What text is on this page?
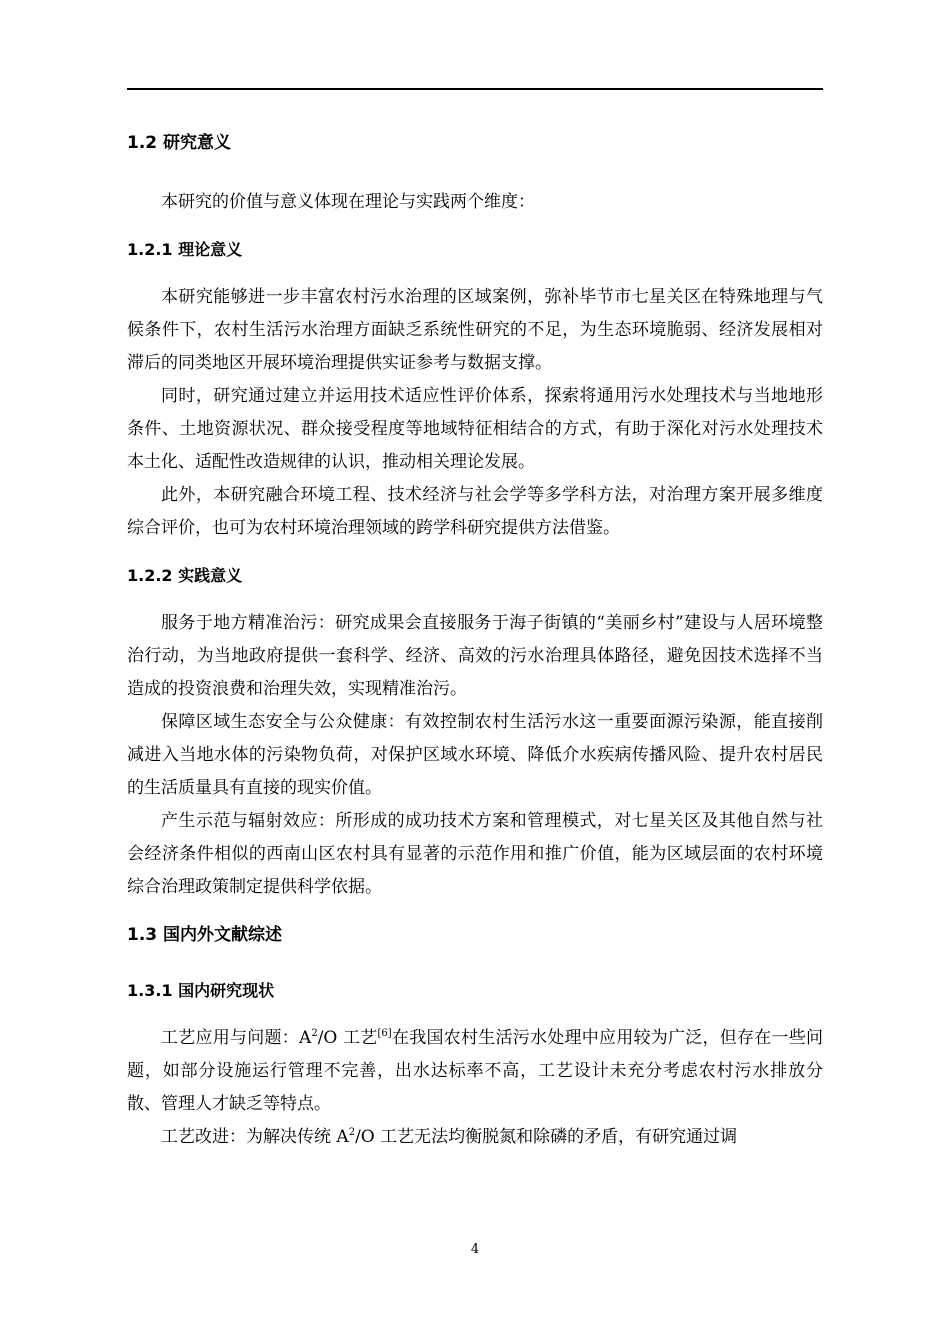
1.2 研究意义

本研究的价值与意义体现在理论与实践两个维度：

1.2.1 理论意义

本研究能够进一步丰富农村污水治理的区域案例，弥补毕节市七星关区在特殊地理与气候条件下，农村生活污水治理方面缺乏系统性研究的不足，为生态环境脆弱、经济发展相对滞后的同类地区开展环境治理提供实证参考与数据支撑。

同时，研究通过建立并运用技术适应性评价体系，探索将通用污水处理技术与当地地形条件、土地资源状况、群众接受程度等地域特征相结合的方式，有助于深化对污水处理技术本土化、适配性改造规律的认识，推动相关理论发展。

此外，本研究融合环境工程、技术经济与社会学等多学科方法，对治理方案开展多维度综合评价，也可为农村环境治理领域的跨学科研究提供方法借鉴。

1.2.2 实践意义

服务于地方精准治污：研究成果会直接服务于海子街镇的“美丽乡村”建设与人居环境整治行动，为当地政府提供一套科学、经济、高效的污水治理具体路径，避免因技术选择不当造成的投资浪费和治理失效，实现精准治污。

保障区域生态安全与公众健康：有效控制农村生活污水这一重要面源污染源，能直接削减进入当地水体的污染物负荷，对保护区域水环境、降低介水疾病传播风险、提升农村居民的生活质量具有直接的现实价值。

产生示范与辐射效应：所形成的成功技术方案和管理模式，对七星关区及其他自然与社会经济条件相似的西南山区农村具有显著的示范作用和推广价值，能为区域层面的农村环境综合治理政策制定提供科学依据。

1.3 国内外文献综述
1.3.1 国内研究现状

工艺应用与问题：$A^2/O$ 工艺[6]在我国农村生活污水处理中应用较为广泛，但存在一些问题，如部分设施运行管理不完善，出水达标率不高，工艺设计未充分考虑农村污水排放分散、管理人才缺乏等特点。

工艺改进：为解决传统 $A^2/O$ 工艺无法均衡脱氮和除磷的矛盾，有研究通过调

4
